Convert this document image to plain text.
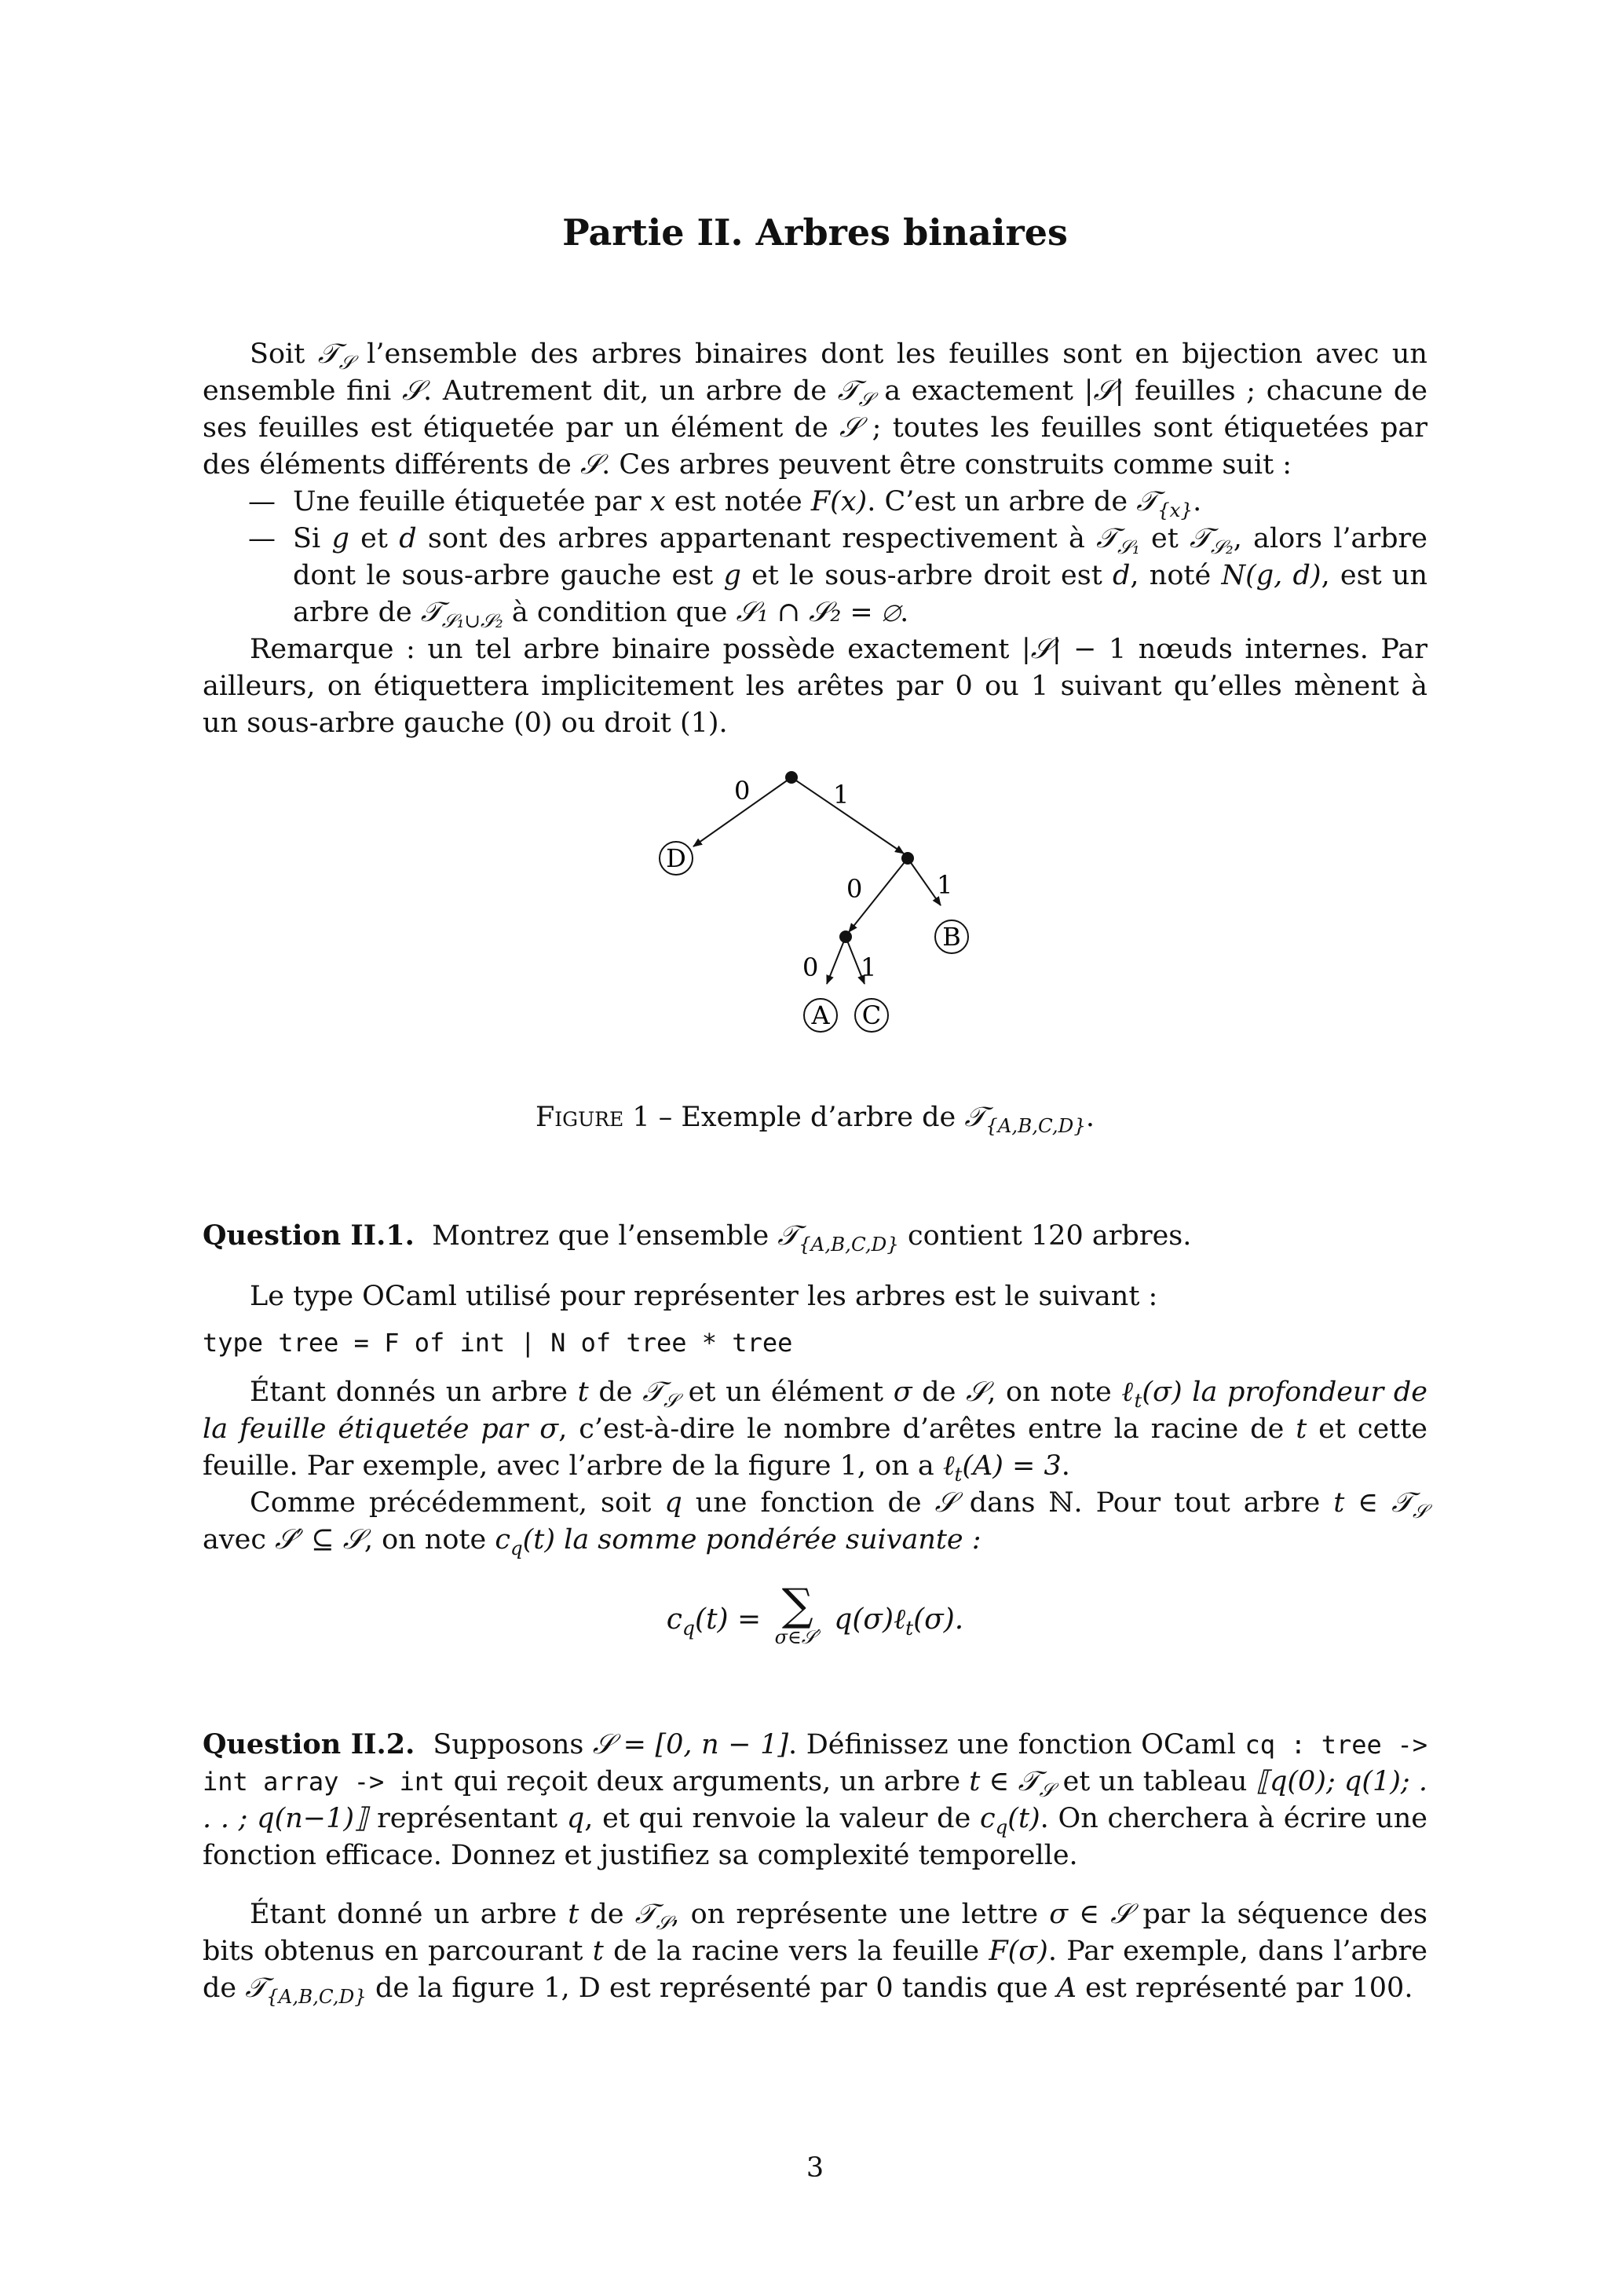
Partie II. Arbres binaires

Soit 𝒯$_𝒮$ l’ensemble des arbres binaires dont les feuilles sont en bijection avec un ensemble fini 𝒮. Autrement dit, un arbre de 𝒯$_𝒮$ a exactement |𝒮| feuilles ; chacune de ses feuilles est étiquetée par un élément de 𝒮 ; toutes les feuilles sont étiquetées par des éléments différents de 𝒮. Ces arbres peuvent être construits comme suit :

— Une feuille étiquetée par x est notée F(x). C’est un arbre de 𝒯$_{\{x\}}$.
— Si g et d sont des arbres appartenant respectivement à 𝒯$_{𝒮_1}$ et 𝒯$_{𝒮_2}$, alors l’arbre dont le sous-arbre gauche est g et le sous-arbre droit est d, noté N(g, d), est un arbre de 𝒯$_{𝒮_1\cup 𝒮_2}$ à condition que 𝒮₁ ∩ 𝒮₂ = ∅.

Remarque : un tel arbre binaire possède exactement |𝒮| − 1 nœuds internes. Par ailleurs, on étiquettera implicitement les arêtes par 0 ou 1 suivant qu’elles mènent à un sous-arbre gauche (0) ou droit (1).

D
B
A C
0	1
0	1
0 1
Figure 1 – Exemple d’arbre de 𝒯$_{\{A,B,C,D\}}$.

Question II.1. Montrez que l’ensemble 𝒯$_{\{A,B,C,D\}}$ contient 120 arbres.

Le type OCaml utilisé pour représenter les arbres est le suivant :

type tree = F of int | N of tree * tree

Étant donnés un arbre t de 𝒯$_𝒮$ et un élément σ de 𝒮, on note ℓ$_t$(σ) la profondeur de la feuille étiquetée par σ, c’est-à-dire le nombre d’arêtes entre la racine de t et cette feuille. Par exemple, avec l’arbre de la figure 1, on a ℓ$_t$(A) = 3.

Comme précédemment, soit q une fonction de 𝒮 dans ℕ. Pour tout arbre t ∈ 𝒯$_𝒮$ avec 𝒮′ ⊆ 𝒮, on note $c_q(t)$ la somme pondérée suivante :

$c_q(t)$ = ∑
σ∈𝒮′
q(σ)ℓ$_t$(σ).

Question II.2. Supposons 𝒮 = [0, n − 1]. Définissez une fonction OCaml cq : tree -> int array -> int qui reçoit deux arguments, un arbre t ∈ 𝒯$_𝒮$ et un tableau ⟦q(0); q(1); . . . ; q(n−1)⟧ représentant q, et qui renvoie la valeur de $c_q(t)$. On cherchera à écrire une fonction efficace. Donnez et justifiez sa complexité temporelle.

Étant donné un arbre t de 𝒯$_𝒮$, on représente une lettre σ ∈ 𝒮 par la séquence des bits obtenus en parcourant t de la racine vers la feuille F(σ). Par exemple, dans l’arbre de 𝒯$_{\{A,B,C,D\}}$ de la figure 1, D est représenté par 0 tandis que A est représenté par 100.

3
